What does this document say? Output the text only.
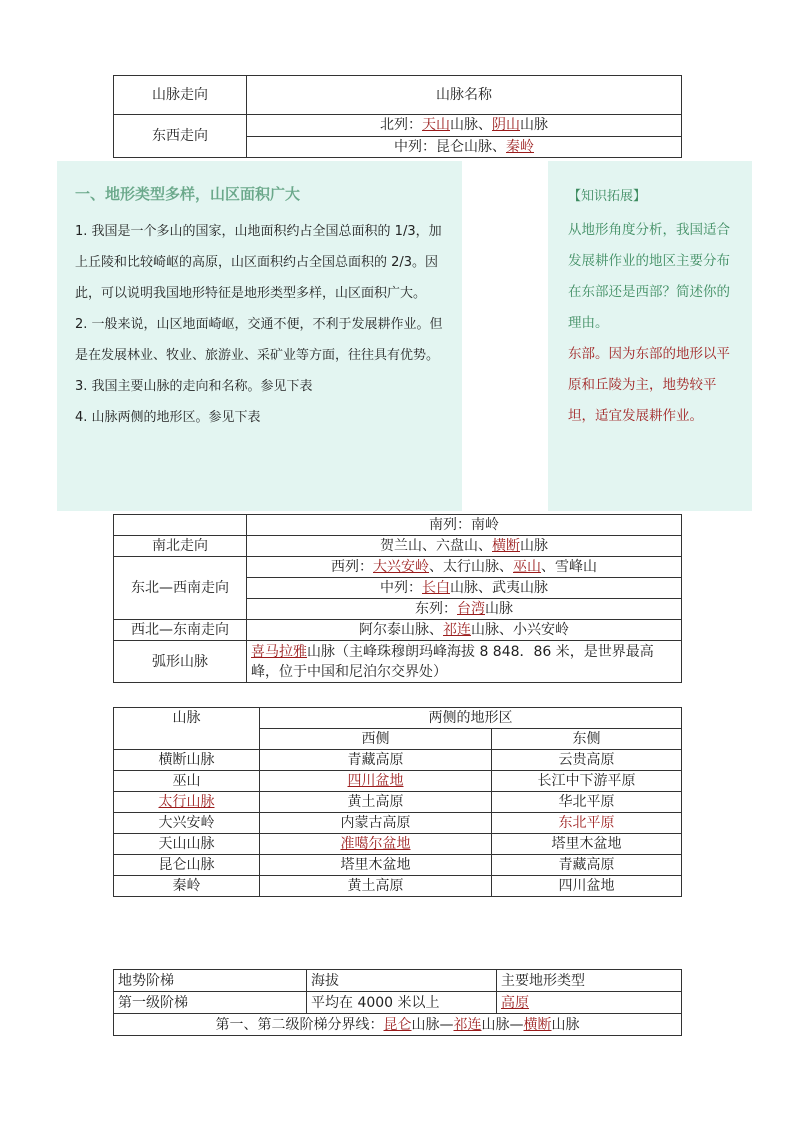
山脉走向	山脉名称
东西走向	北列：天山山脉、阴山山脉
	中列：昆仑山脉、秦岭
	南列：南岭
南北走向	贺兰山、六盘山、横断山脉
东北—西南走向	西列：大兴安岭、太行山脉、巫山、雪峰山
	中列：长白山脉、武夷山脉
	东列：台湾山脉
西北—东南走向	阿尔泰山脉、祁连山脉、小兴安岭
弧形山脉	喜马拉雅山脉（主峰珠穆朗玛峰海拔 8 848．86 米，是世界最高峰，位于中国和尼泊尔交界处）
山脉	两侧的地形区	
	西侧	东侧
横断山脉	青藏高原	云贵高原
巫山	四川盆地	长江中下游平原
太行山脉	黄土高原	华北平原
大兴安岭	内蒙古高原	东北平原
天山山脉	准噶尔盆地	塔里木盆地
昆仑山脉	塔里木盆地	青藏高原
秦岭	黄土高原	四川盆地
地势阶梯	海拔	主要地形类型
第一级阶梯	平均在 4000 米以上	高原
第一、第二级阶梯分界线：昆仑山脉—祁连山脉—横断山脉		
一、地形类型多样，山区面积广大

1. 我国是一个多山的国家，山地面积约占全国总面积的 1/3，加上丘陵和比较崎岖的高原，山区面积约占全国总面积的 2/3。因此，可以说明我国地形特征是地形类型多样，山区面积广大。

2. 一般来说，山区地面崎岖，交通不便，不利于发展耕作业。但是在发展林业、牧业、旅游业、采矿业等方面，往往具有优势。

3. 我国主要山脉的走向和名称。参见下表

4. 山脉两侧的地形区。参见下表

【知识拓展】

从地形角度分析，我国适合发展耕作业的地区主要分布在东部还是西部？简述你的理由。

东部。因为东部的地形以平原和丘陵为主，地势较平坦，适宜发展耕作业。
